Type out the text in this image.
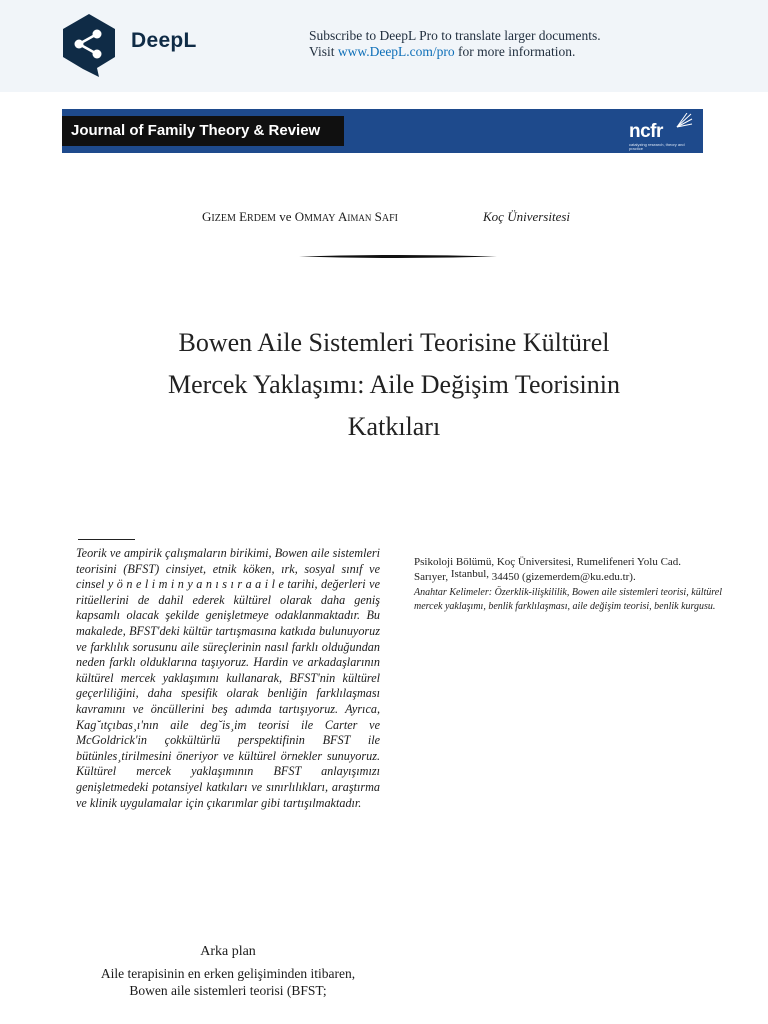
DeepL	Subscribe to DeepL Pro to translate larger documents.
Visit www.DeepL.com/pro for more information.
Journal of Family Theory & Review	ncfr
catalyzing research, theory and practice
GIZEM ERDEM ve OMMAY Aiman SAFI	Koç Üniversitesi
Bowen Aile Sistemleri Teorisine Kültürel
Mercek Yaklaşımı: Aile Değişim Teorisinin
Katkıları
Teorik ve ampirik çalışmaların birikimi, Bowen aile sistemleri teorisini (BFST) cinsiyet, etnik köken, ırk, sosyal sınıf ve cinsel y ö n e l i m i n y a n ı s ı r a a i l e tarihi, değerleri ve ritüellerini de dahil ederek kültürel olarak daha geniş kapsamlı olacak şekilde genişletmeye odaklanmaktadır. Bu makalede, BFST'deki kültür tartışmasına katkıda bulunuyoruz ve farklılık sorusunu aile süreçlerinin nasıl farklı olduğundan neden farklı olduklarına taşıyoruz. Hardin ve arkadaşlarının kültürel mercek yaklaşımını kullanarak, BFST'nin kültürel geçerliliğini, daha spesifik olarak benliğin farklılaşması kavramını ve öncüllerini beş adımda tartışıyoruz. Ayrıca, Kag˘ıtçıbas¸ı'nın aile deg˘is¸im teorisi ile Carter ve McGoldrick'in çokkültürlü perspektifinin BFST ile bütünles¸tirilmesini öneriyor ve kültürel örnekler sunuyoruz. Kültürel mercek yaklaşımının BFST anlayışımızı genişletmedeki potansiyel katkıları ve sınırlılıkları, araştırma ve klinik uygulamalar için çıkarımlar gibi tartışılmaktadır.
Psikoloji Bölümü, Koç Üniversitesi, Rumelifeneri Yolu Cad.
Sarıyer, Istanbul, 34450 (gizemerdem@ku.edu.tr).
Anahtar Kelimeler: Özerklik-ilişkililik, Bowen aile sistemleri teorisi, kültürel mercek yaklaşımı, benlik farklılaşması, aile değişim teorisi, benlik kurgusu.
Arka plan
Aile terapisinin en erken gelişiminden itibaren,
Bowen aile sistemleri teorisi (BFST;
